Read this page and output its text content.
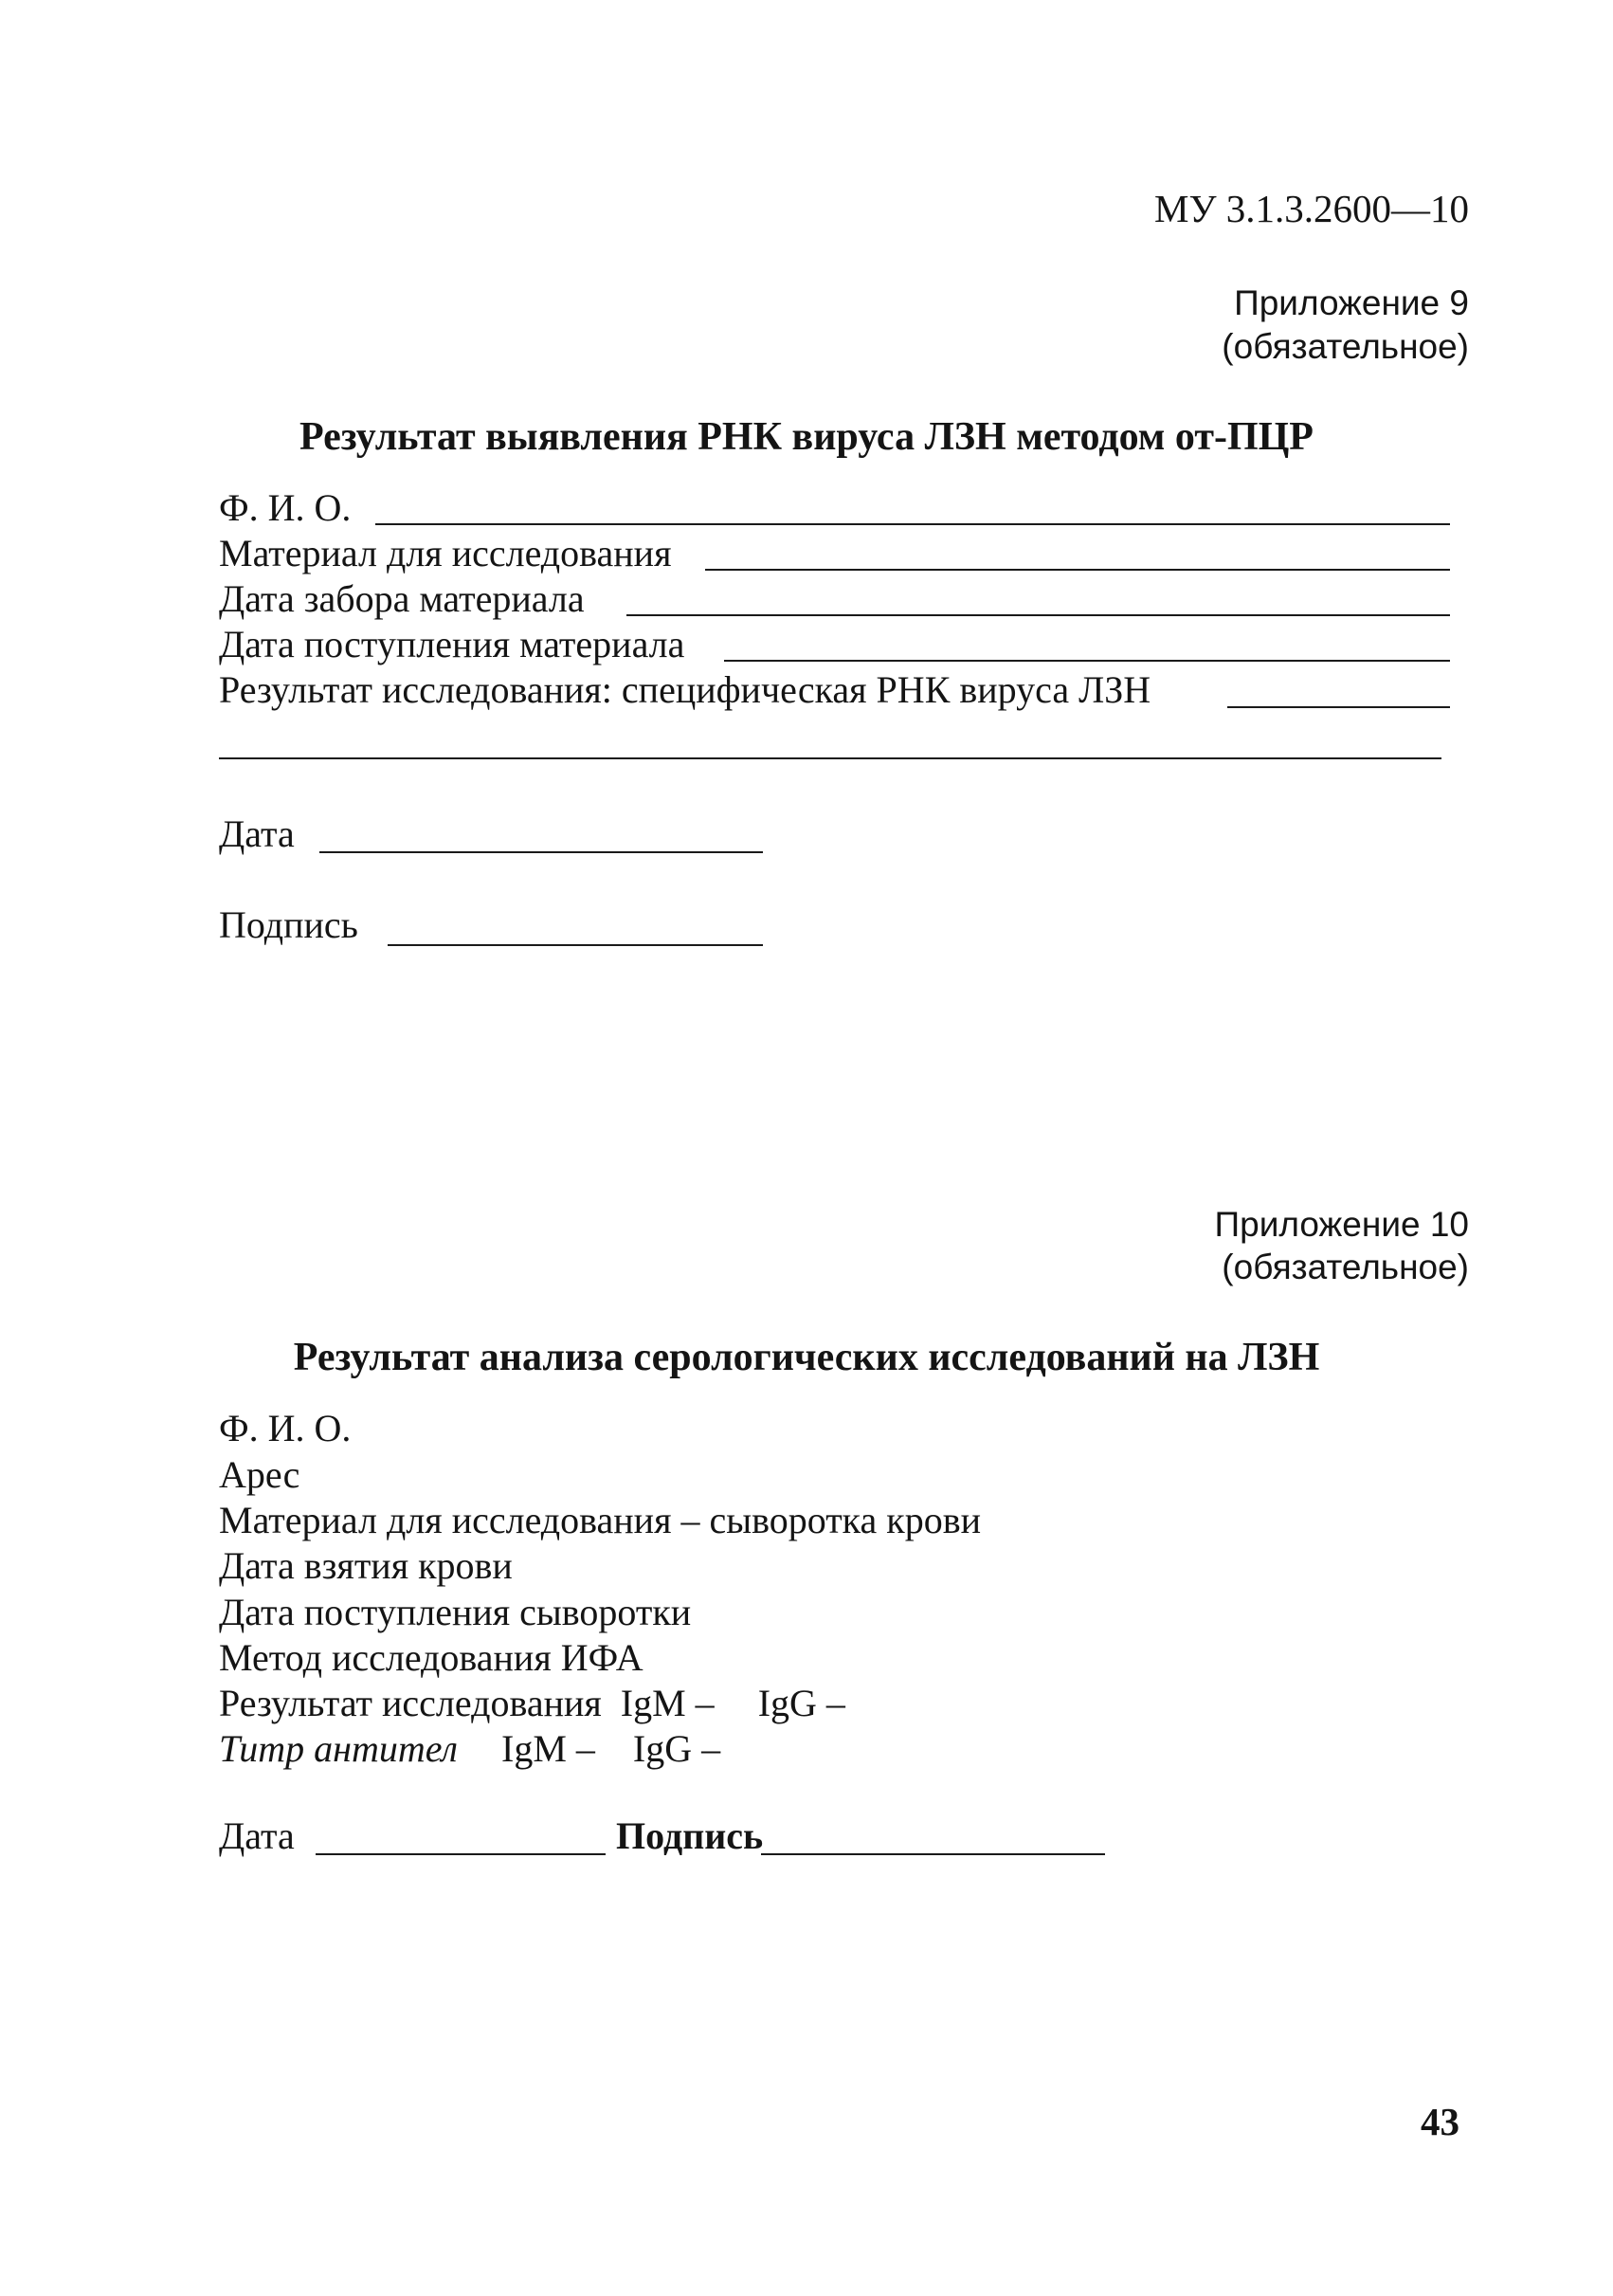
МУ 3.1.3.2600—10
Приложение 9
(обязательное)
Результат выявления РНК вируса ЛЗН методом от-ПЦР
Ф. И. О.
Материал для исследования
Дата забора материала
Дата поступления материала
Результат исследования: специфическая РНК вируса ЛЗН
Дата
Подпись
Приложение 10
(обязательное)
Результат анализа серологических исследований на ЛЗН
Ф. И. О.
Арес
Материал для исследования – сыворотка крови
Дата взятия крови
Дата поступления сыворотки
Метод исследования ИФА
Результат исследования IgM – IgG –
Титр антител IgM – IgG –
Дата	Подпись
43
